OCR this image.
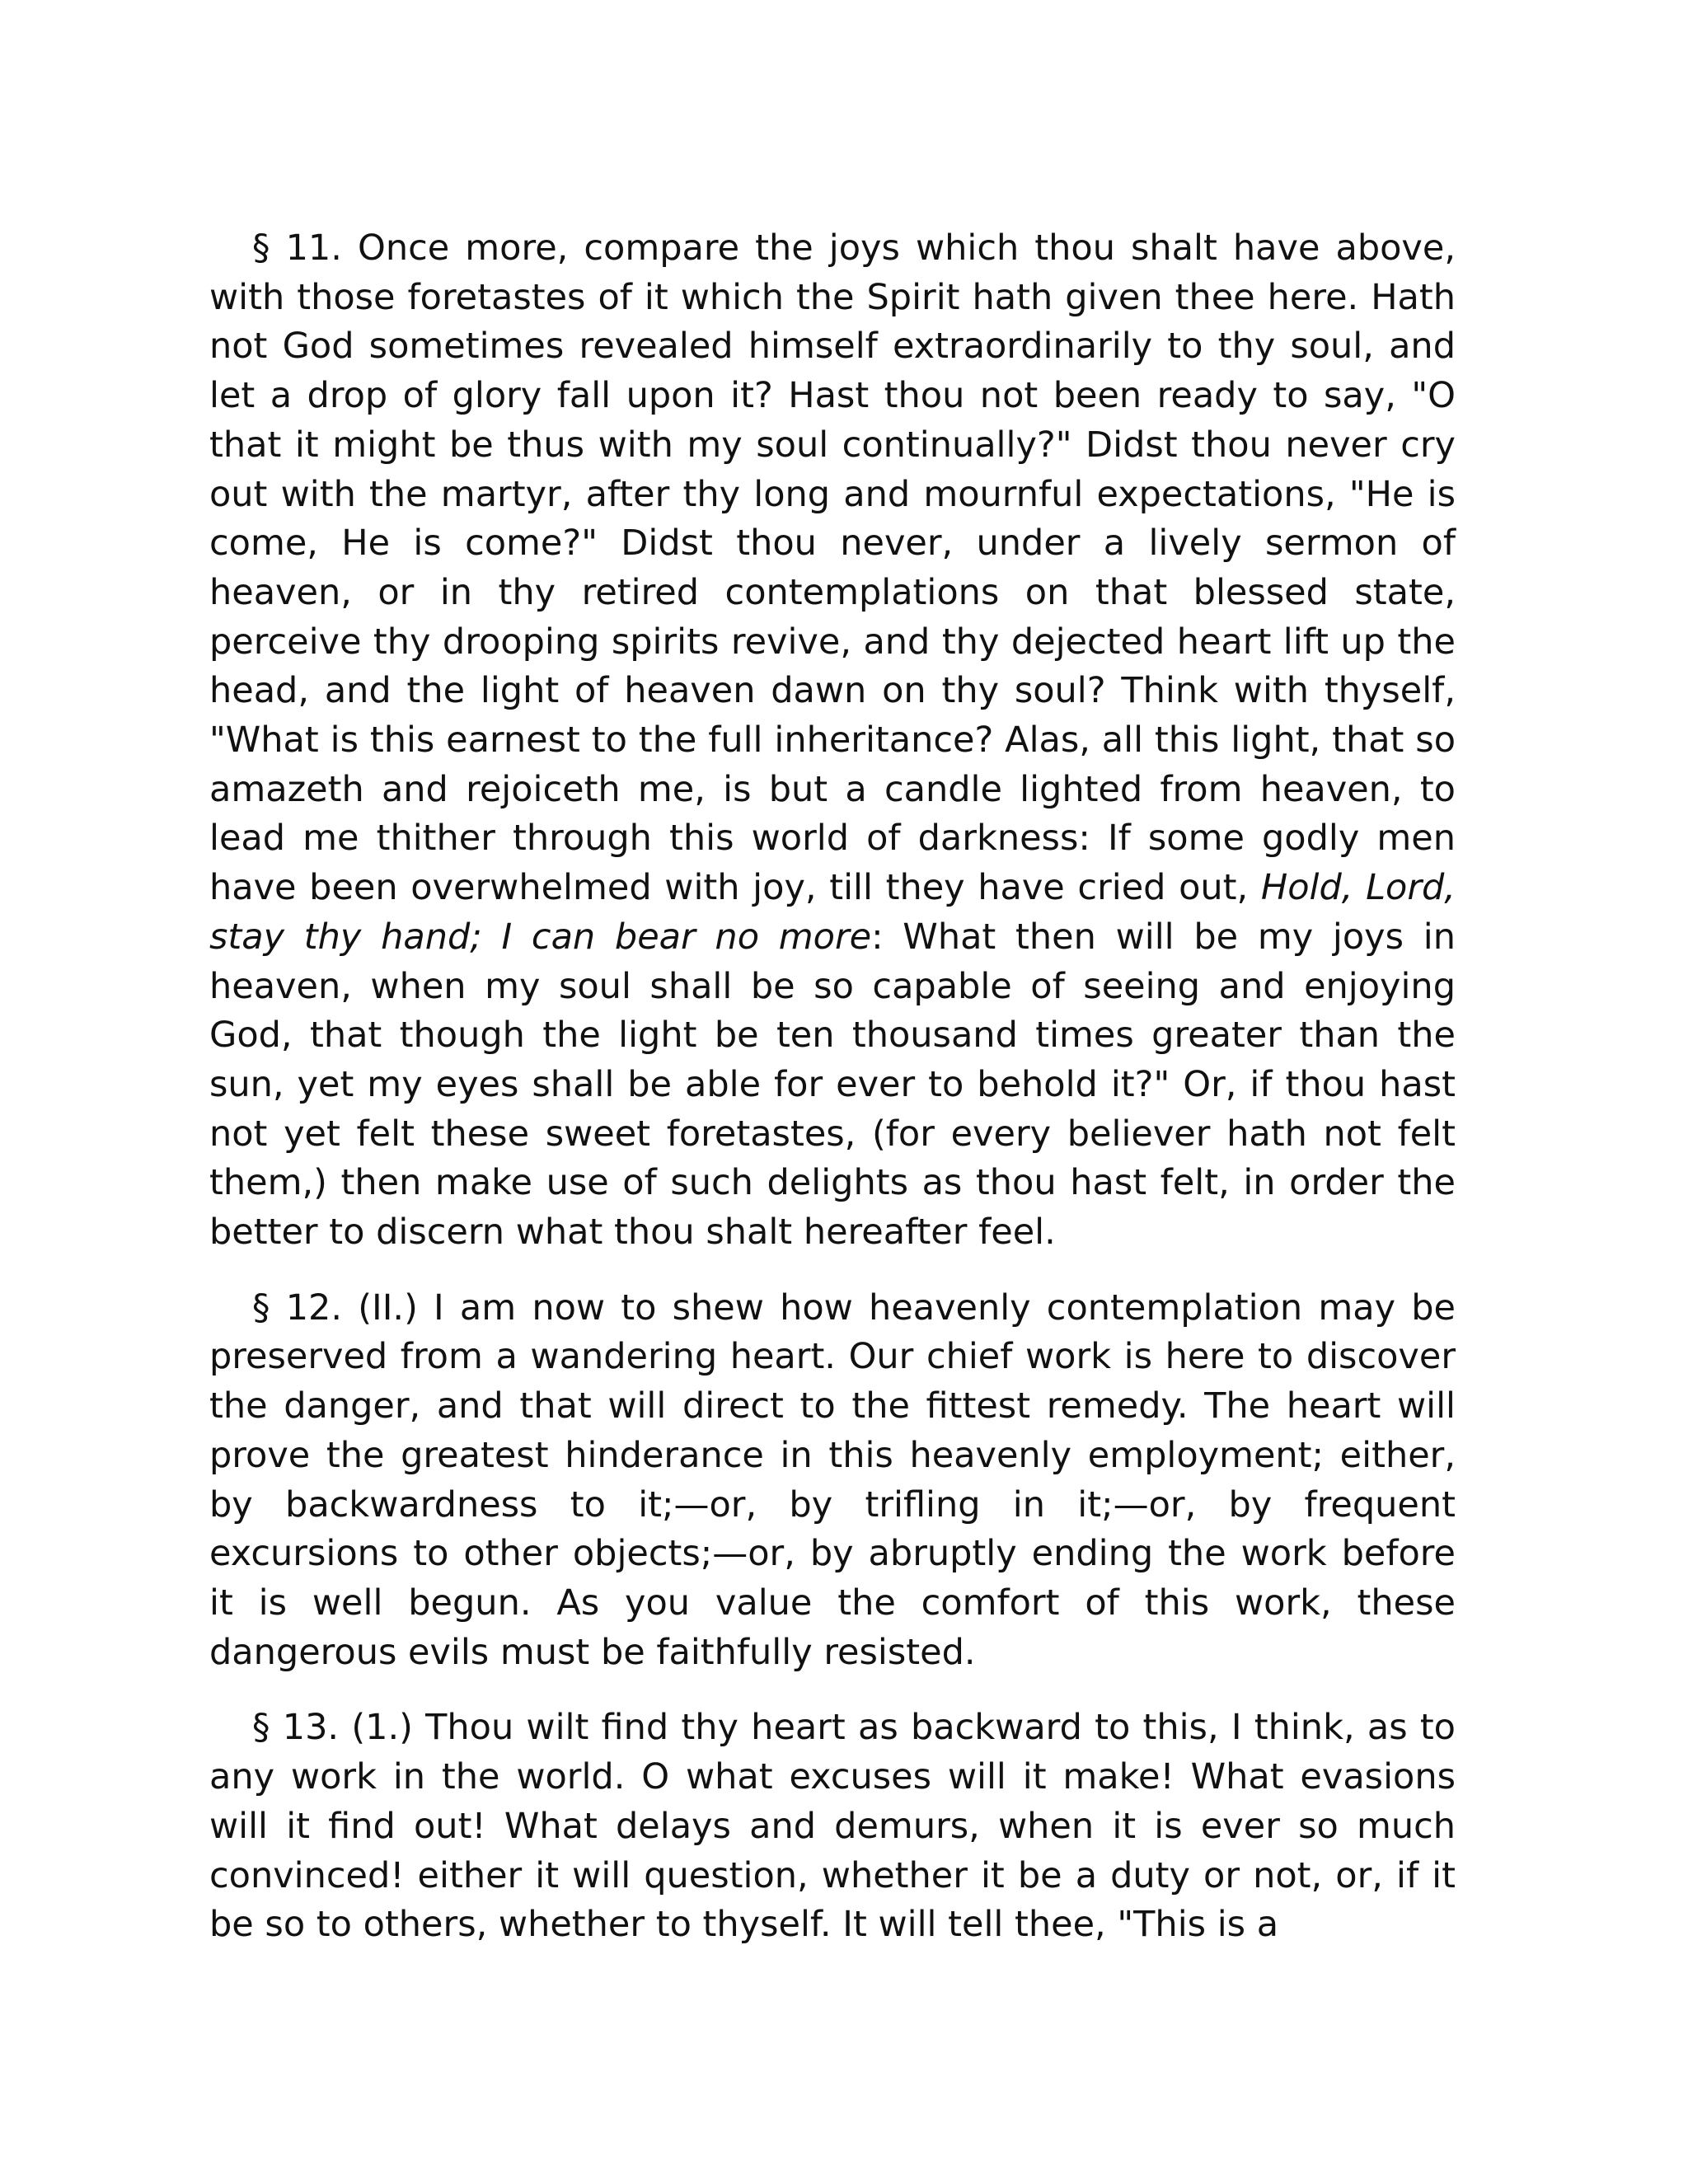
§ 11. Once more, compare the joys which thou shalt have above, with those foretastes of it which the Spirit hath given thee here. Hath not God sometimes revealed himself extraordinarily to thy soul, and let a drop of glory fall upon it? Hast thou not been ready to say, "O that it might be thus with my soul continually?" Didst thou never cry out with the martyr, after thy long and mournful expectations, "He is come, He is come?" Didst thou never, under a lively sermon of heaven, or in thy retired contemplations on that blessed state, perceive thy drooping spirits revive, and thy dejected heart lift up the head, and the light of heaven dawn on thy soul? Think with thyself, "What is this earnest to the full inheritance? Alas, all this light, that so amazeth and rejoiceth me, is but a candle lighted from heaven, to lead me thither through this world of darkness: If some godly men have been overwhelmed with joy, till they have cried out, Hold, Lord, stay thy hand; I can bear no more: What then will be my joys in heaven, when my soul shall be so capable of seeing and enjoying God, that though the light be ten thousand times greater than the sun, yet my eyes shall be able for ever to behold it?" Or, if thou hast not yet felt these sweet foretastes, (for every believer hath not felt them,) then make use of such delights as thou hast felt, in order the better to discern what thou shalt hereafter feel.

§ 12. (II.) I am now to shew how heavenly contemplation may be preserved from a wandering heart. Our chief work is here to discover the danger, and that will direct to the fittest remedy. The heart will prove the greatest hinderance in this heavenly employment; either, by backwardness to it;—or, by trifling in it;—or, by frequent excursions to other objects;—or, by abruptly ending the work before it is well begun. As you value the comfort of this work, these dangerous evils must be faithfully resisted.

§ 13. (1.) Thou wilt find thy heart as backward to this, I think, as to any work in the world. O what excuses will it make! What evasions will it find out! What delays and demurs, when it is ever so much convinced! either it will question, whether it be a duty or not, or, if it be so to others, whether to thyself. It will tell thee, "This is a
